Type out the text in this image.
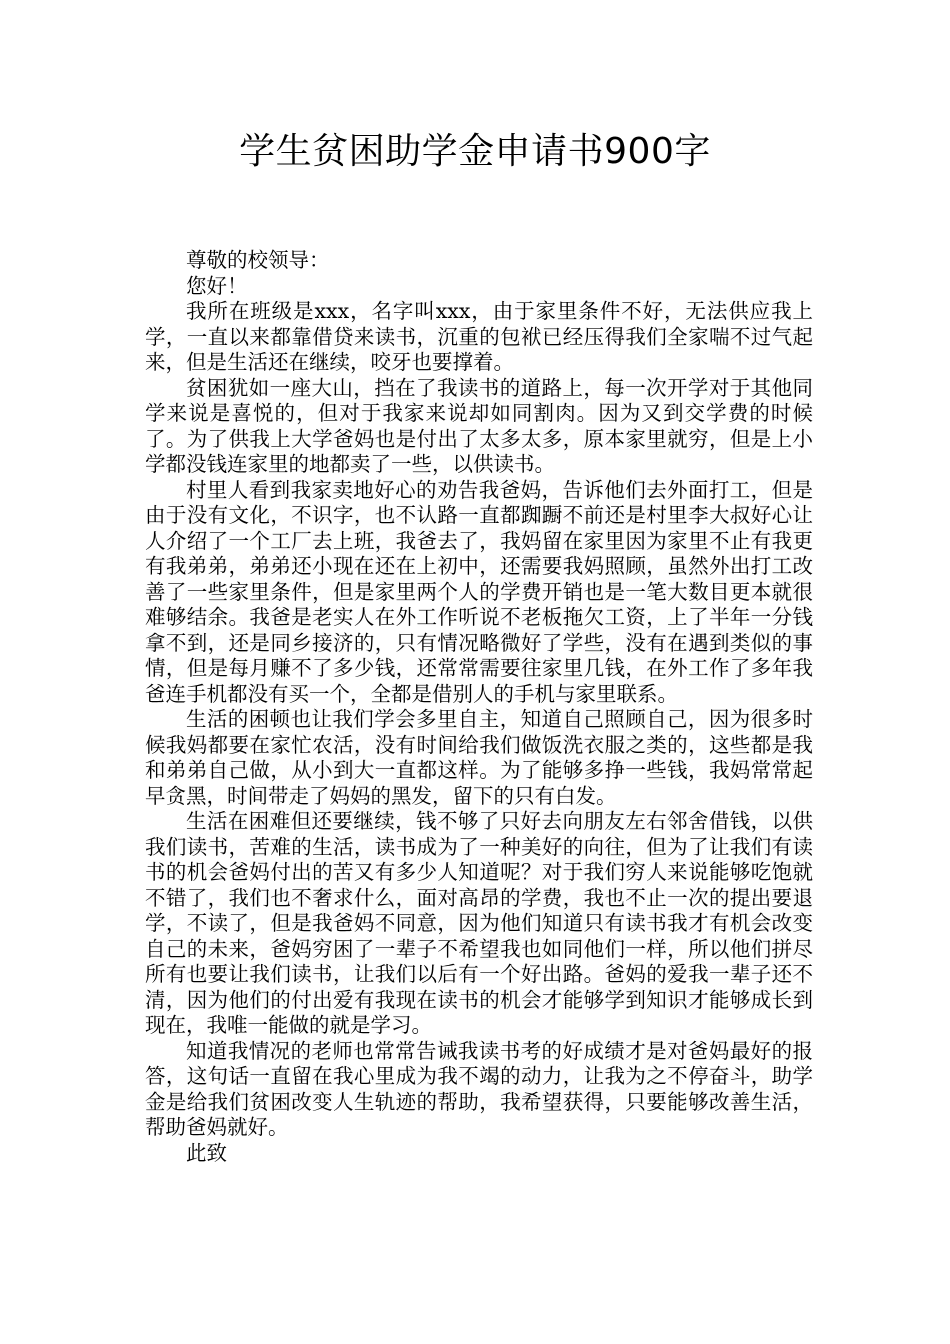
学生贫困助学金申请书900字

尊敬的校领导：

您好！

我所在班级是xxx，名字叫xxx，由于家里条件不好，无法供应我上学，一直以来都靠借贷来读书，沉重的包袱已经压得我们全家喘不过气起来，但是生活还在继续，咬牙也要撑着。

贫困犹如一座大山，挡在了我读书的道路上，每一次开学对于其他同学来说是喜悦的，但对于我家来说却如同割肉。因为又到交学费的时候了。为了供我上大学爸妈也是付出了太多太多，原本家里就穷，但是上小学都没钱连家里的地都卖了一些，以供读书。

村里人看到我家卖地好心的劝告我爸妈，告诉他们去外面打工，但是由于没有文化，不识字，也不认路一直都踟蹰不前还是村里李大叔好心让人介绍了一个工厂去上班，我爸去了，我妈留在家里因为家里不止有我更有我弟弟，弟弟还小现在还在上初中，还需要我妈照顾，虽然外出打工改善了一些家里条件，但是家里两个人的学费开销也是一笔大数目更本就很难够结余。我爸是老实人在外工作听说不老板拖欠工资，上了半年一分钱拿不到，还是同乡接济的，只有情况略微好了学些，没有在遇到类似的事情，但是每月赚不了多少钱，还常常需要往家里几钱，在外工作了多年我爸连手机都没有买一个，全都是借别人的手机与家里联系。

生活的困顿也让我们学会多里自主，知道自己照顾自己，因为很多时候我妈都要在家忙农活，没有时间给我们做饭洗衣服之类的，这些都是我和弟弟自己做，从小到大一直都这样。为了能够多挣一些钱，我妈常常起早贪黑，时间带走了妈妈的黑发，留下的只有白发。

生活在困难但还要继续，钱不够了只好去向朋友左右邻舍借钱，以供我们读书，苦难的生活，读书成为了一种美好的向往，但为了让我们有读书的机会爸妈付出的苦又有多少人知道呢？对于我们穷人来说能够吃饱就不错了，我们也不奢求什么，面对高昂的学费，我也不止一次的提出要退学，不读了，但是我爸妈不同意，因为他们知道只有读书我才有机会改变自己的未来，爸妈穷困了一辈子不希望我也如同他们一样，所以他们拼尽所有也要让我们读书，让我们以后有一个好出路。爸妈的爱我一辈子还不清，因为他们的付出爱有我现在读书的机会才能够学到知识才能够成长到现在，我唯一能做的就是学习。

知道我情况的老师也常常告诫我读书考的好成绩才是对爸妈最好的报答，这句话一直留在我心里成为我不竭的动力，让我为之不停奋斗，助学金是给我们贫困改变人生轨迹的帮助，我希望获得，只要能够改善生活，帮助爸妈就好。

此致
